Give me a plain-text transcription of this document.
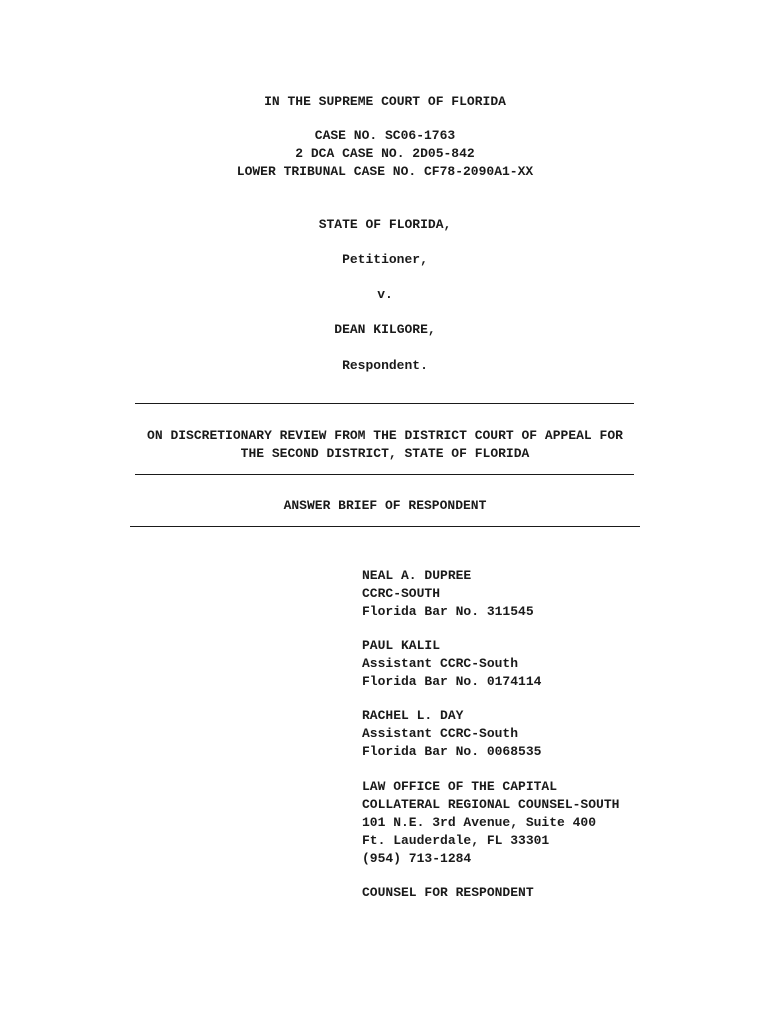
IN THE SUPREME COURT OF FLORIDA
CASE NO. SC06-1763
2 DCA CASE NO. 2D05-842
LOWER TRIBUNAL CASE NO. CF78-2090A1-XX
STATE OF FLORIDA,
Petitioner,
v.
DEAN KILGORE,
Respondent.
ON DISCRETIONARY REVIEW FROM THE DISTRICT COURT OF APPEAL FOR
THE SECOND DISTRICT, STATE OF FLORIDA
ANSWER BRIEF OF RESPONDENT
NEAL A. DUPREE
CCRC-SOUTH
Florida Bar No. 311545
PAUL KALIL
Assistant CCRC-South
Florida Bar No. 0174114
RACHEL L. DAY
Assistant CCRC-South
Florida Bar No. 0068535
LAW OFFICE OF THE CAPITAL
COLLATERAL REGIONAL COUNSEL-SOUTH
101 N.E. 3rd Avenue, Suite 400
Ft. Lauderdale, FL 33301
(954) 713-1284
COUNSEL FOR RESPONDENT
